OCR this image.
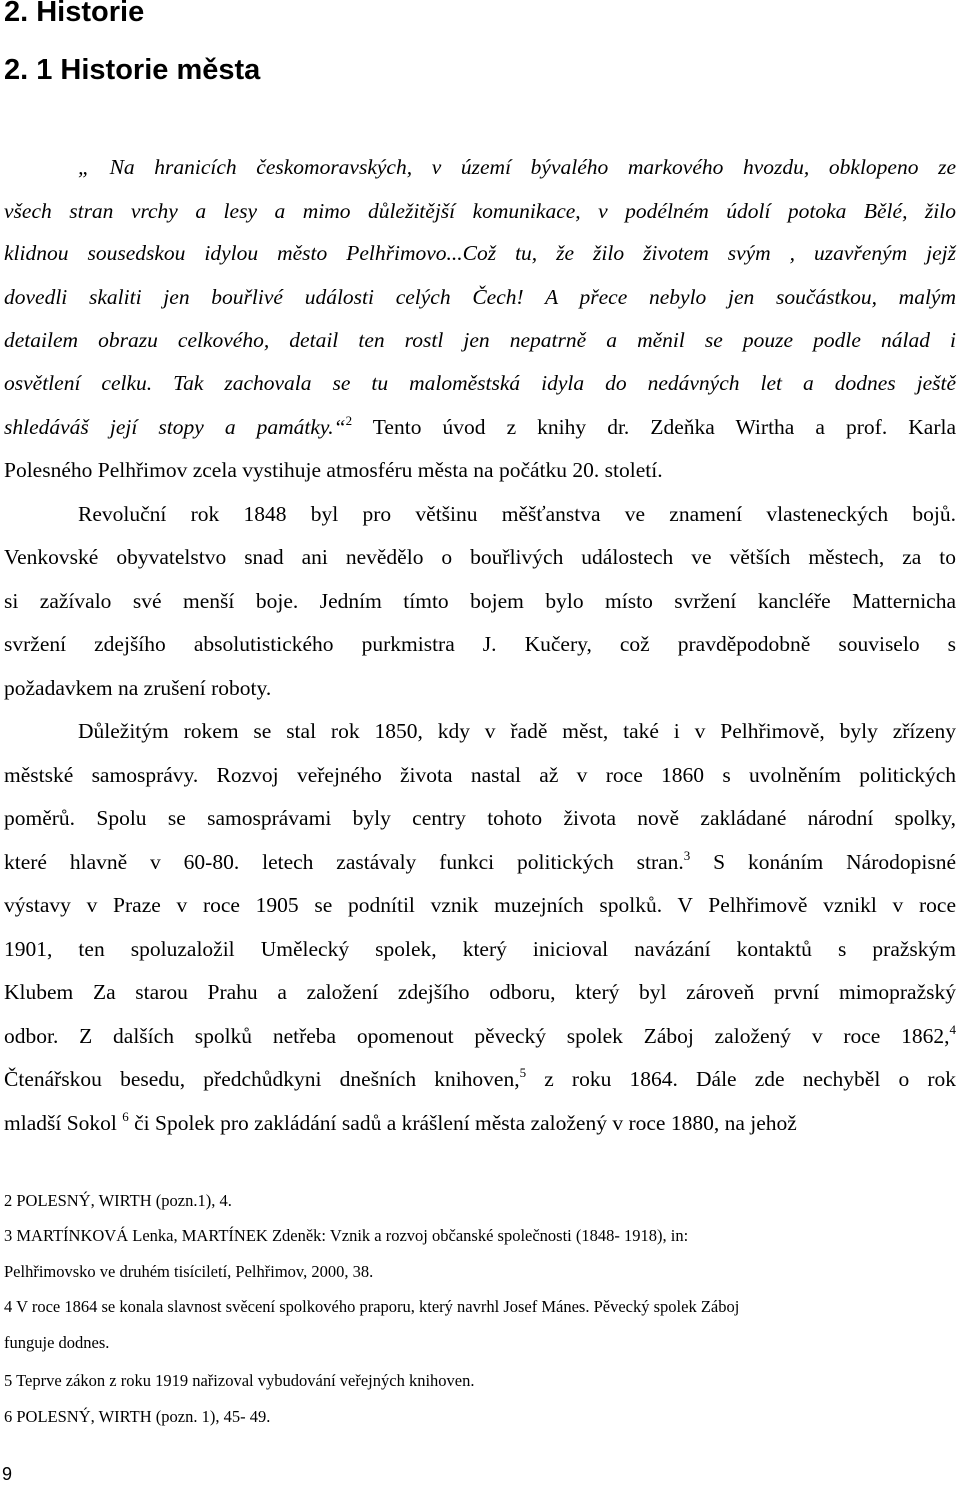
2. Historie
2. 1 Historie města
„ Na hranicích českomoravských, v území bývalého markového hvozdu, obklopeno ze
všech stran vrchy a lesy a mimo důležitější komunikace, v podélném údolí potoka Bělé, žilo
klidnou sousedskou idylou město Pelhřimovo...Což tu, že žilo životem svým , uzavřeným jejž
dovedli skaliti jen bouřlivé události celých Čech! A přece nebylo jen součástkou, malým
detailem obrazu celkového, detail ten rostl jen nepatrně a měnil se pouze podle nálad i
osvětlení celku. Tak zachovala se tu maloměstská idyla do nedávných let a dodnes ještě
shledáváš její stopy a památky.“$^2$ Tento úvod z knihy dr. Zdeňka Wirtha a prof. Karla
Polesného Pelhřimov zcela vystihuje atmosféru města na počátku 20. století.
Revoluční rok 1848 byl pro většinu měšťanstva ve znamení vlasteneckých bojů.
Venkovské obyvatelstvo snad ani nevědělo o bouřlivých událostech ve větších městech, za to
si zažívalo své menší boje. Jedním tímto bojem bylo místo svržení kancléře Matternicha
svržení zdejšího absolutistického purkmistra J. Kučery, což pravděpodobně souviselo s
požadavkem na zrušení roboty.
Důležitým rokem se stal rok 1850, kdy v řadě měst, také i v Pelhřimově, byly zřízeny
městské samosprávy. Rozvoj veřejného života nastal až v roce 1860 s uvolněním politických
poměrů. Spolu se samosprávami byly centry tohoto života nově zakládané národní spolky,
které hlavně v 60-80. letech zastávaly funkci politických stran.$^3$ S konáním Národopisné
výstavy v Praze v roce 1905 se podnítil vznik muzejních spolků. V Pelhřimově vznikl v roce
1901, ten spoluzaložil Umělecký spolek, který inicioval navázání kontaktů s pražským
Klubem Za starou Prahu a založení zdejšího odboru, který byl zároveň první mimopražský
odbor. Z dalších spolků netřeba opomenout pěvecký spolek Záboj založený v roce 1862,$^4$
Čtenářskou besedu, předchůdkyni dnešních knihoven,$^5$ z roku 1864. Dále zde nechyběl o rok
mladší Sokol $^6$ či Spolek pro zakládání sadů a krášlení města založený v roce 1880, na jehož
2 POLESNÝ, WIRTH (pozn.1), 4.
3 MARTÍNKOVÁ Lenka, MARTÍNEK Zdeněk: Vznik a rozvoj občanské společnosti (1848- 1918), in:
Pelhřimovsko ve druhém tisíciletí, Pelhřimov, 2000, 38.
4 V roce 1864 se konala slavnost svěcení spolkového praporu, který navrhl Josef Mánes. Pěvecký spolek Záboj
funguje dodnes.
5 Teprve zákon z roku 1919 nařizoval vybudování veřejných knihoven.
6 POLESNÝ, WIRTH (pozn. 1), 45- 49.
9
